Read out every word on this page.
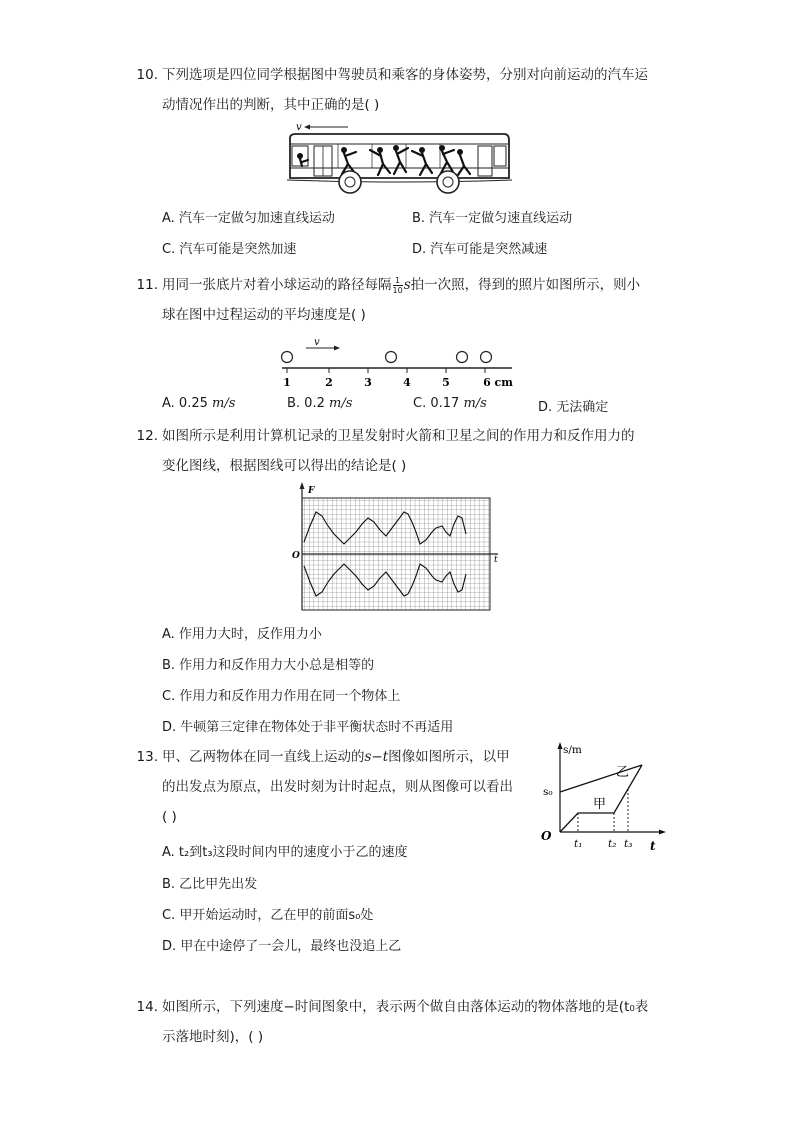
10. 下列选项是四位同学根据图中驾驶员和乘客的身体姿势，分别对向前运动的汽车运
动情况作出的判断，其中正确的是( )
v
A. 汽车一定做匀加速直线运动	B. 汽车一定做匀速直线运动
C. 汽车可能是突然加速	D. 汽车可能是突然减速
11. 用同一张底片对着小球运动的路径每隔 $\frac{1}{10}$ s拍一次照，得到的照片如图所示，则小
球在图中过程运动的平均速度是( )
v
1	2	3	4	5	6 cm
A. 0.25 m/s	B. 0.2 m/s	C. 0.17 m/s	D. 无法确定
12. 如图所示是利用计算机记录的卫星发射时火箭和卫星之间的作用力和反作用力的
变化图线，根据图线可以得出的结论是( )
F
t
O
A. 作用力大时，反作用力小
B. 作用力和反作用力大小总是相等的
C. 作用力和反作用力作用在同一个物体上
D. 牛顿第三定律在物体处于非平衡状态时不再适用
13. 甲、乙两物体在同一直线上运动的s−t图像如图所示，以甲
的出发点为原点，出发时刻为计时起点，则从图像可以看出
( )
s/m
t
O
s₀
乙
甲
t₁ t₂ t₃
A. t₂到t₃这段时间内甲的速度小于乙的速度
B. 乙比甲先出发
C. 甲开始运动时，乙在甲的前面s₀处
D. 甲在中途停了一会儿，最终也没追上乙
14. 如图所示，下列速度−时间图象中，表示两个做自由落体运动的物体落地的是(t₀表
示落地时刻)，( )
